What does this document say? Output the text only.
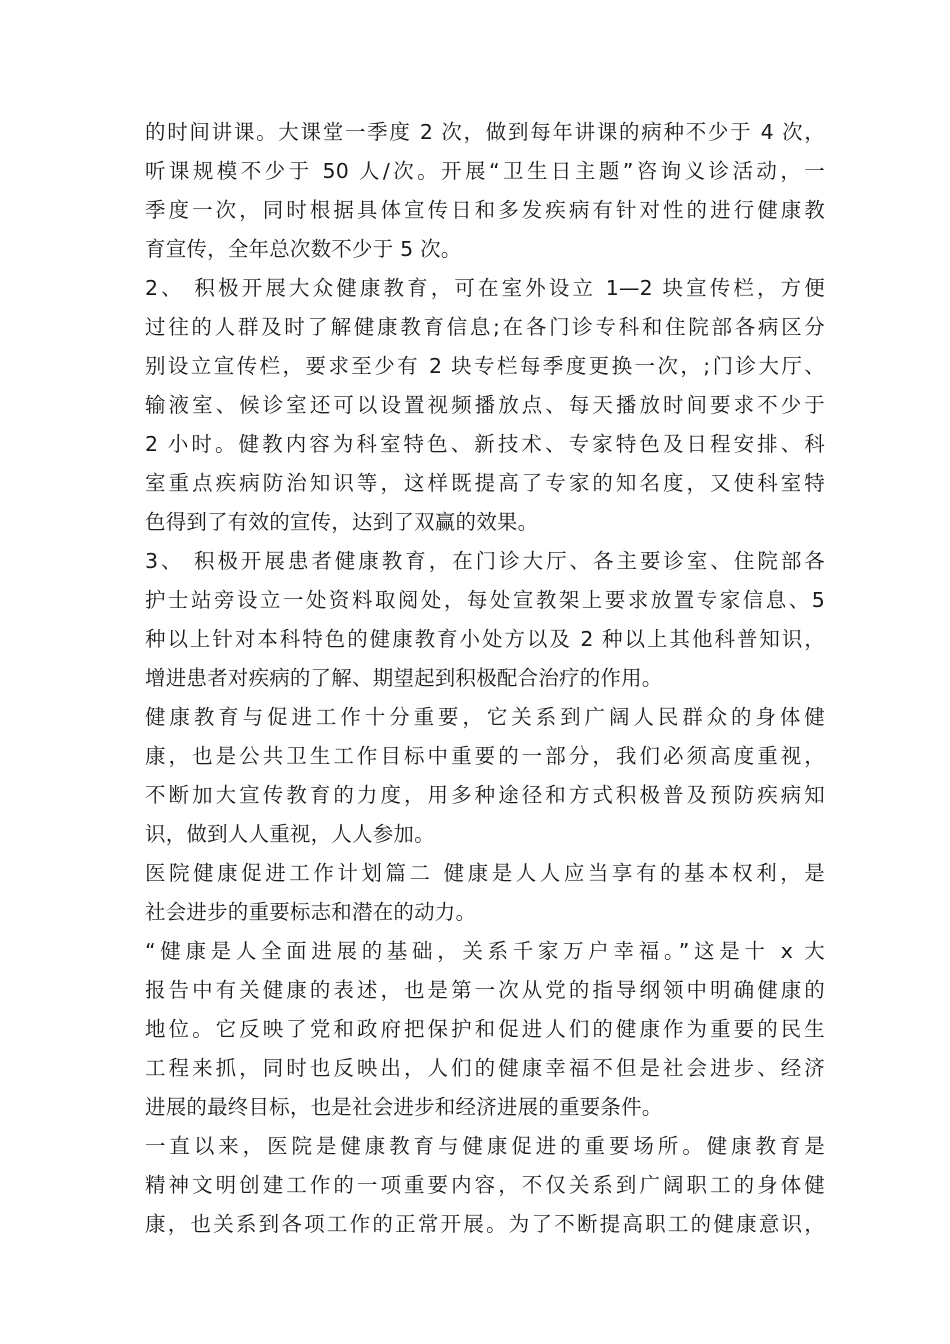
的时间讲课。大课堂一季度 2 次，做到每年讲课的病种不少于 4 次，
听课规模不少于 50 人/次。开展“卫生日主题”咨询义诊活动，一
季度一次，同时根据具体宣传日和多发疾病有针对性的进行健康教
育宣传，全年总次数不少于 5 次。
2、 积极开展大众健康教育，可在室外设立 1—2 块宣传栏，方便
过往的人群及时了解健康教育信息;在各门诊专科和住院部各病区分
别设立宣传栏，要求至少有 2 块专栏每季度更换一次，;门诊大厅、
输液室、候诊室还可以设置视频播放点、每天播放时间要求不少于
2 小时。健教内容为科室特色、新技术、专家特色及日程安排、科
室重点疾病防治知识等，这样既提高了专家的知名度，又使科室特
色得到了有效的宣传，达到了双赢的效果。
3、 积极开展患者健康教育，在门诊大厅、各主要诊室、住院部各
护士站旁设立一处资料取阅处，每处宣教架上要求放置专家信息、5
种以上针对本科特色的健康教育小处方以及 2 种以上其他科普知识，
增进患者对疾病的了解、期望起到积极配合治疗的作用。
健康教育与促进工作十分重要，它关系到广阔人民群众的身体健
康，也是公共卫生工作目标中重要的一部分，我们必须高度重视，
不断加大宣传教育的力度，用多种途径和方式积极普及预防疾病知
识，做到人人重视，人人参加。
医院健康促进工作计划篇二 健康是人人应当享有的基本权利，是
社会进步的重要标志和潜在的动力。
“健康是人全面进展的基础，关系千家万户幸福。”这是十 x 大
报告中有关健康的表述，也是第一次从党的指导纲领中明确健康的
地位。它反映了党和政府把保护和促进人们的健康作为重要的民生
工程来抓，同时也反映出，人们的健康幸福不但是社会进步、经济
进展的最终目标，也是社会进步和经济进展的重要条件。
一直以来，医院是健康教育与健康促进的重要场所。健康教育是
精神文明创建工作的一项重要内容，不仅关系到广阔职工的身体健
康，也关系到各项工作的正常开展。为了不断提高职工的健康意识，
